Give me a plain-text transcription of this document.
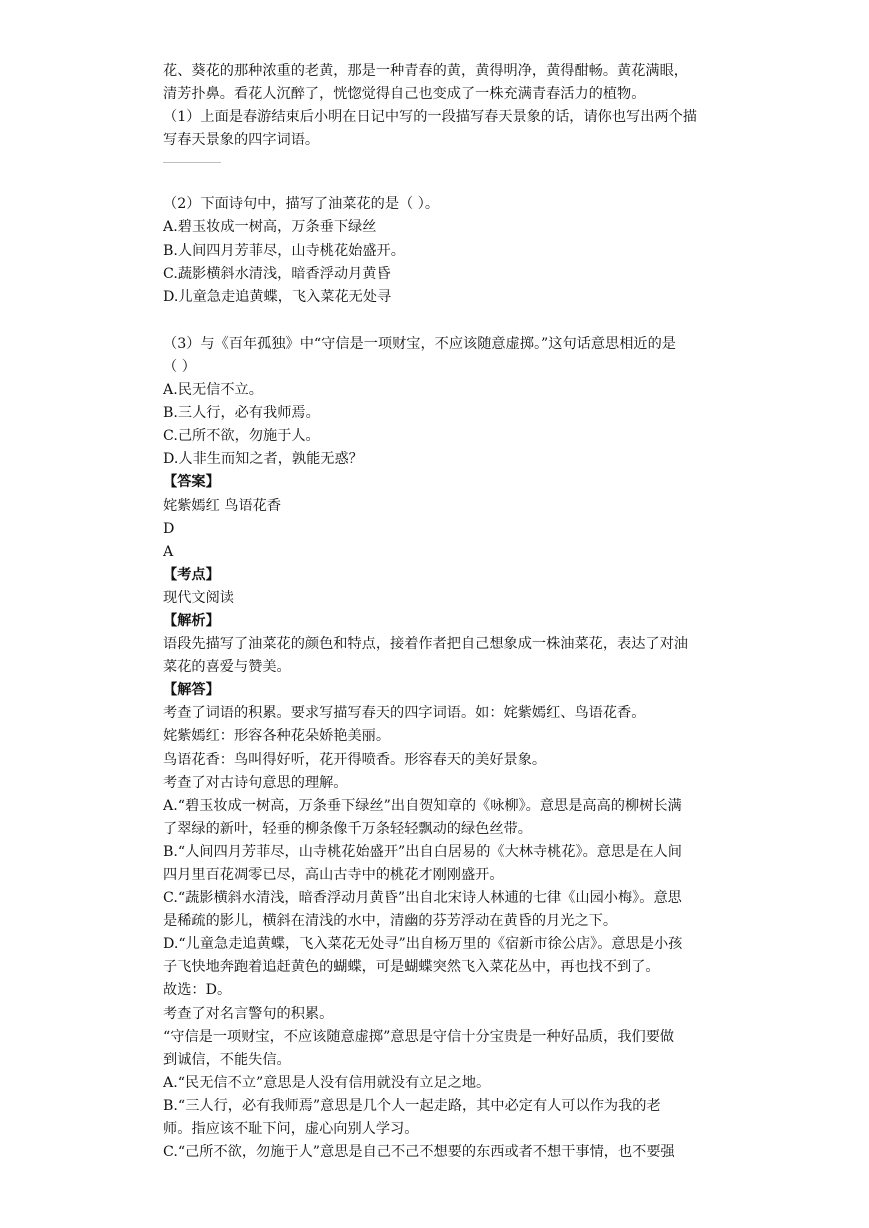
花、葵花的那种浓重的老黄，那是一种青春的黄，黄得明净，黄得酣畅。黄花满眼，
清芳扑鼻。看花人沉醉了，恍惚觉得自己也变成了一株充满青春活力的植物。
（1）上面是春游结束后小明在日记中写的一段描写春天景象的话，请你也写出两个描
写春天景象的四字词语。
（2）下面诗句中，描写了油菜花的是（ ）。
A.碧玉妆成一树高，万条垂下绿丝
B.人间四月芳菲尽，山寺桃花始盛开。
C.蔬影横斜水清浅，暗香浮动月黄昏
D.儿童急走追黄蝶，飞入菜花无处寻
（3）与《百年孤独》中“守信是一项财宝，不应该随意虚掷。”这句话意思相近的是
（ ）
A.民无信不立。
B.三人行，必有我师焉。
C.己所不欲，勿施于人。
D.人非生而知之者，孰能无惑？
【答案】
姹紫嫣红 鸟语花香
D
A
【考点】
现代文阅读
【解析】
语段先描写了油菜花的颜色和特点，接着作者把自己想象成一株油菜花，表达了对油
菜花的喜爱与赞美。
【解答】
考查了词语的积累。要求写描写春天的四字词语。如：姹紫嫣红、鸟语花香。
姹紫嫣红：形容各种花朵娇艳美丽。
鸟语花香：鸟叫得好听，花开得喷香。形容春天的美好景象。
考查了对古诗句意思的理解。
A.“碧玉妆成一树高，万条垂下绿丝”出自贺知章的《咏柳》。意思是高高的柳树长满
了翠绿的新叶，轻垂的柳条像千万条轻轻飘动的绿色丝带。
B.“人间四月芳菲尽，山寺桃花始盛开”出自白居易的《大林寺桃花》。意思是在人间
四月里百花凋零已尽，高山古寺中的桃花才刚刚盛开。
C.“蔬影横斜水清浅，暗香浮动月黄昏”出自北宋诗人林逋的七律《山园小梅》。意思
是稀疏的影儿，横斜在清浅的水中，清幽的芬芳浮动在黄昏的月光之下。
D.“儿童急走追黄蝶，飞入菜花无处寻”出自杨万里的《宿新市徐公店》。意思是小孩
子飞快地奔跑着追赶黄色的蝴蝶，可是蝴蝶突然飞入菜花丛中，再也找不到了。
故选：D。
考查了对名言警句的积累。
“守信是一项财宝，不应该随意虚掷”意思是守信十分宝贵是一种好品质，我们要做
到诚信，不能失信。
A.“民无信不立”意思是人没有信用就没有立足之地。
B.“三人行，必有我师焉”意思是几个人一起走路，其中必定有人可以作为我的老
师。指应该不耻下问，虚心向别人学习。
C.“己所不欲，勿施于人”意思是自己不己不想要的东西或者不想干事情，也不要强
